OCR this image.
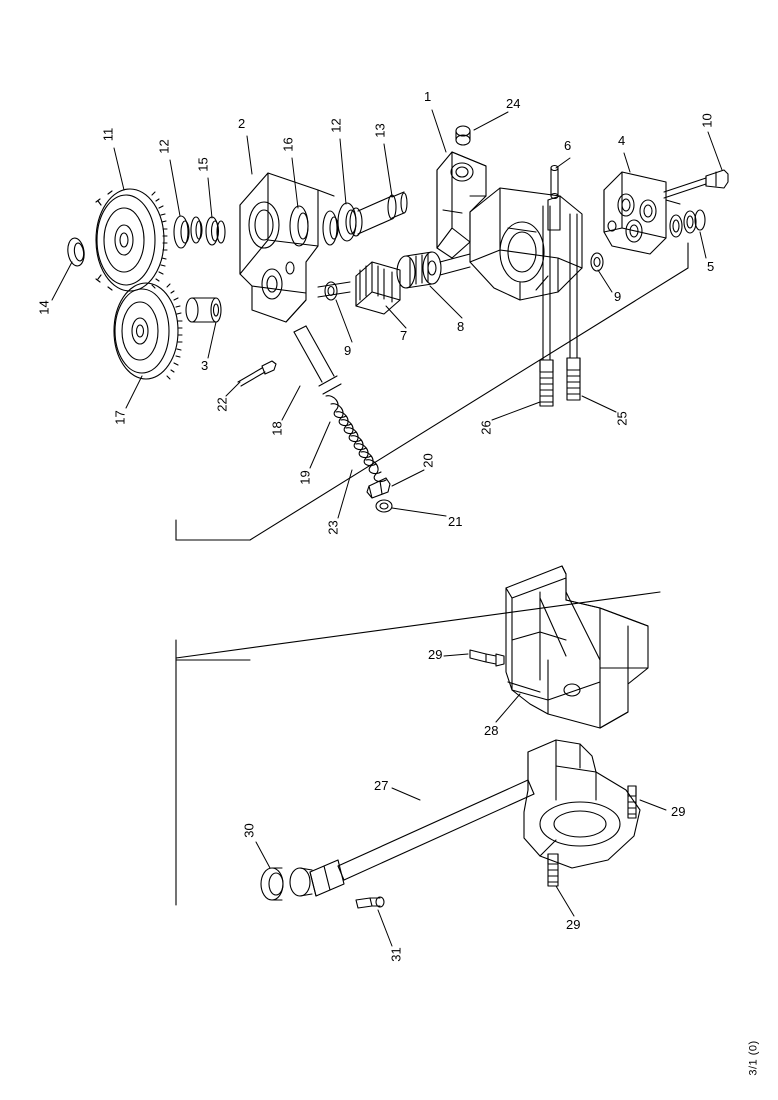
11
12
15
2
16
12 13
1	24
6	4
10
5
9
14
3
17
22
18
19
23
20
21
9
7
8
26
25
29
28
27
29
30
29
31
3/1 (0)
